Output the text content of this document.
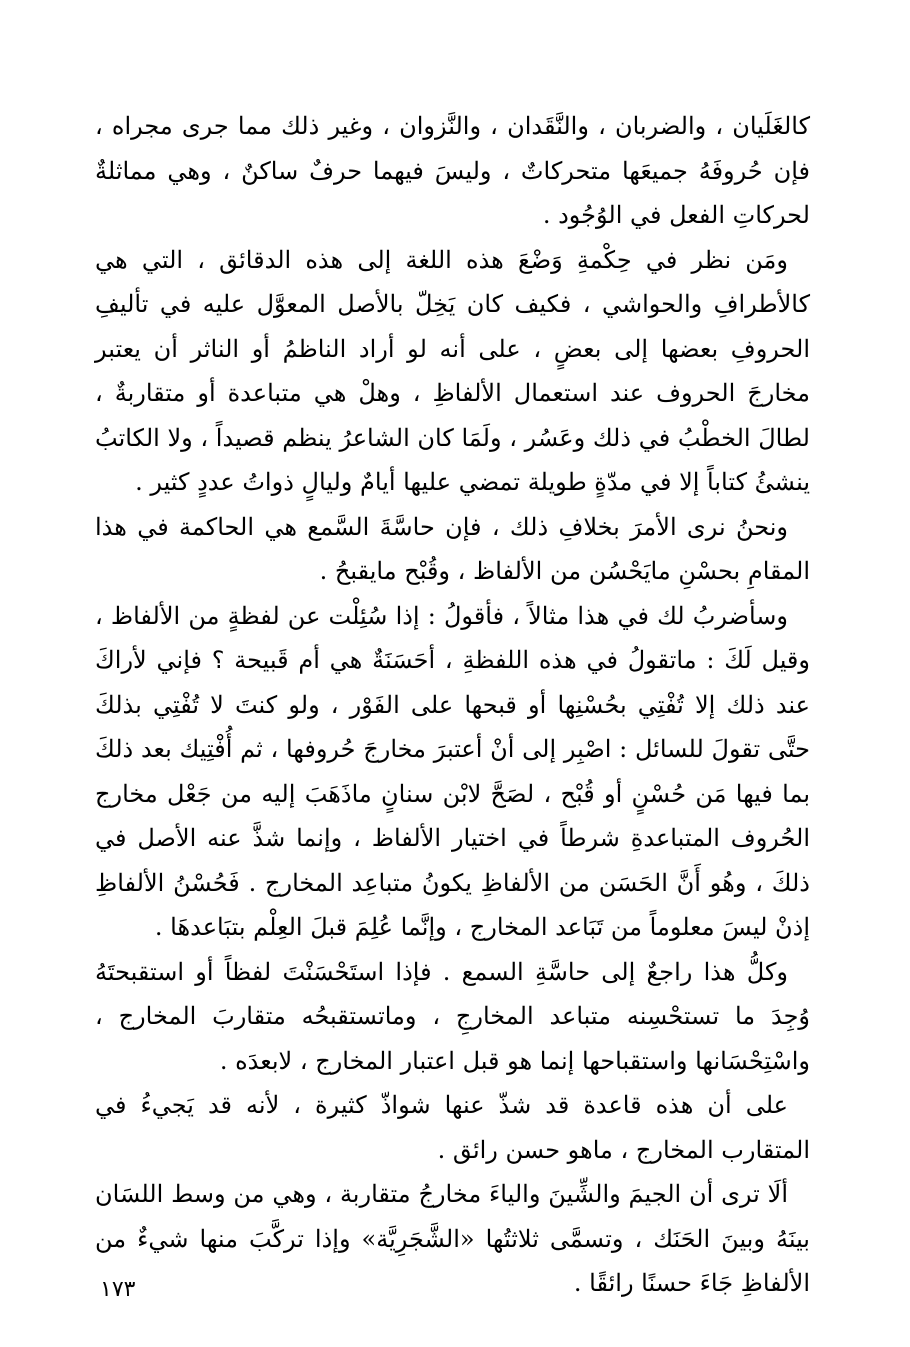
كالغَلَيان ، والضربان ، والنَّقَدان ، والنَّزوان ، وغير ذلك مما جرى مجراه ، فإن حُروفَهُ جميعَها متحركاتٌ ، وليسَ فيهما حرفٌ ساكنٌ ، وهي مماثلةٌ لحركاتِ الفعل في الوُجُود .

ومَن نظر في حِكْمةِ وَضْعَ هذه اللغة إلى هذه الدقائق ، التي هي كالأطرافِ والحواشي ، فكيف كان يَخِلّ بالأصل المعوَّل عليه في تأليفِ الحروفِ بعضها إلى بعضٍ ، على أنه لو أراد الناظمُ أو الناثر أن يعتبر مخارجَ الحروف عند استعمال الألفاظِ ، وهلْ هي متباعدة أو متقاربةٌ ، لطالَ الخطْبُ في ذلك وعَسُر ، ولَمَا كان الشاعرُ ينظم قصيداً ، ولا الكاتبُ ينشئُ كتاباً إلا في مدّةٍ طويلة تمضي عليها أيامٌ وليالٍ ذواتُ عددٍ كثير .

ونحنُ نرى الأمرَ بخلافِ ذلك ، فإن حاسَّةَ السَّمع هي الحاكمة في هذا المقامِ بحسْنِ مايَحْسُن من الألفاظ ، وقُبْح مايقبحُ .

وسأضربُ لك في هذا مثالاً ، فأقولُ : إذا سُئِلْت عن لفظةٍ من الألفاظ ، وقيل لَكَ : ماتقولُ في هذه اللفظةِ ، أحَسَنَةٌ هي أم قَبيحة ؟ فإني لأراكَ عند ذلك إلا تُفْتِي بحُسْنِها أو قبحها على الفَوْر ، ولو كنتَ لا تُفْتِي بذلكَ حتَّى تقولَ للسائل : اصْبِر إلى أنْ أعتبرَ مخارجَ حُروفها ، ثم أُفْتِيك بعد ذلكَ بما فيها مَن حُسْنٍ أو قُبْح ، لصَحَّ لابْن سنانٍ ماذَهَبَ إليه من جَعْل مخارج الحُروف المتباعدةِ شرطاً في اختيار الألفاظ ، وإنما شذَّ عنه الأصل في ذلكَ ، وهُو أَنَّ الحَسَن من الألفاظِ يكونُ متباعِد المخارج . فَحُسْنُ الألفاظِ إذنْ ليسَ معلوماً من تَبَاعد المخارج ، وإنَّما عُلِمَ قبلَ العِلْم بتبَاعدهَا .

وكلُّ هذا راجعٌ إلى حاسَّةِ السمع . فإذا استَحْسَنْتَ لفظاً أو استقبحتَهُ وُجِدَ ما تستحْسِنه متباعد المخارجِ ، وماتستقبحُه متقاربَ المخارج ، واسْتِحْسَانها واستقباحها إنما هو قبل اعتبار المخارج ، لابعدَه .

على أن هذه قاعدة قد شذّ عنها شواذّ كثيرة ، لأنه قد يَجيءُ في المتقارب المخارج ، ماهو حسن رائق .

ألَا ترى أن الجيمَ والشِّينَ والياءَ مخارجُ متقاربة ، وهي من وسط اللسَان بينَهُ وبينَ الحَنَك ، وتسمَّى ثلاثتُها «الشَّجَرِيَّة» وإذا تركَّبَ منها شيءٌ من الألفاظِ جَاءَ حسنًا رائقًا .

١٧٣
